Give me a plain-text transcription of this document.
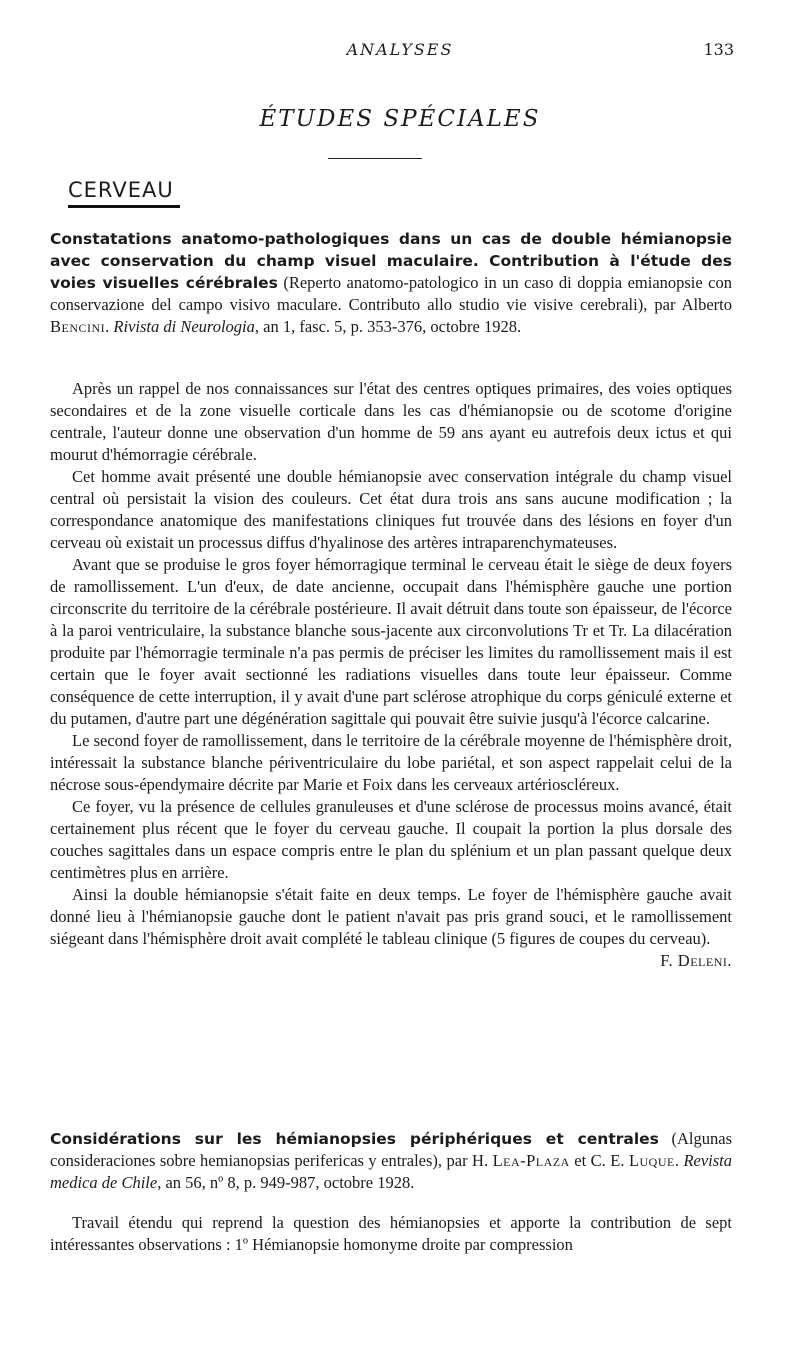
ANALYSES	133
ÉTUDES SPÉCIALES
CERVEAU
Constatations anatomo-pathologiques dans un cas de double hémianopsie avec conservation du champ visuel maculaire. Contribution à l'étude des voies visuelles cérébrales (Reperto anatomo-patologico in un caso di doppia emianopsie con conservazione del campo visivo maculare. Contributo allo studio vie visive cerebrali), par Alberto Bencini. Rivista di Neurologia, an 1, fasc. 5, p. 353-376, octobre 1928.

Après un rappel de nos connaissances sur l'état des centres optiques primaires, des voies optiques secondaires et de la zone visuelle corticale dans les cas d'hémianopsie ou de scotome d'origine centrale, l'auteur donne une observation d'un homme de 59 ans ayant eu autrefois deux ictus et qui mourut d'hémorragie cérébrale.

Cet homme avait présenté une double hémianopsie avec conservation intégrale du champ visuel central où persistait la vision des couleurs. Cet état dura trois ans sans aucune modification ; la correspondance anatomique des manifestations cliniques fut trouvée dans des lésions en foyer d'un cerveau où existait un processus diffus d'hyalinose des artères intraparenchymateuses.

Avant que se produise le gros foyer hémorragique terminal le cerveau était le siège de deux foyers de ramollissement. L'un d'eux, de date ancienne, occupait dans l'hémisphère gauche une portion circonscrite du territoire de la cérébrale postérieure. Il avait détruit dans toute son épaisseur, de l'écorce à la paroi ventriculaire, la substance blanche sous-jacente aux circonvolutions Tr et Tr. La dilacération produite par l'hémorragie terminale n'a pas permis de préciser les limites du ramollissement mais il est certain que le foyer avait sectionné les radiations visuelles dans toute leur épaisseur. Comme conséquence de cette interruption, il y avait d'une part sclérose atrophique du corps géniculé externe et du putamen, d'autre part une dégénération sagittale qui pouvait être suivie jusqu'à l'écorce calcarine.

Le second foyer de ramollissement, dans le territoire de la cérébrale moyenne de l'hémisphère droit, intéressait la substance blanche périventriculaire du lobe pariétal, et son aspect rappelait celui de la nécrose sous-épendymaire décrite par Marie et Foix dans les cerveaux artérioscléreux.

Ce foyer, vu la présence de cellules granuleuses et d'une sclérose de processus moins avancé, était certainement plus récent que le foyer du cerveau gauche. Il coupait la portion la plus dorsale des couches sagittales dans un espace compris entre le plan du splénium et un plan passant quelque deux centimètres plus en arrière.

Ainsi la double hémianopsie s'était faite en deux temps. Le foyer de l'hémisphère gauche avait donné lieu à l'hémianopsie gauche dont le patient n'avait pas pris grand souci, et le ramollissement siégeant dans l'hémisphère droit avait complété le tableau clinique (5 figures de coupes du cerveau).
F. Deleni.

Considérations sur les hémianopsies périphériques et centrales (Algunas consideraciones sobre hemianopsias perifericas y entrales), par H. Lea-Plaza et C. E. Luque. Revista medica de Chile, an 56, nº 8, p. 949-987, octobre 1928.

Travail étendu qui reprend la question des hémianopsies et apporte la contribution de sept intéressantes observations : 1º Hémianopsie homonyme droite par compression
